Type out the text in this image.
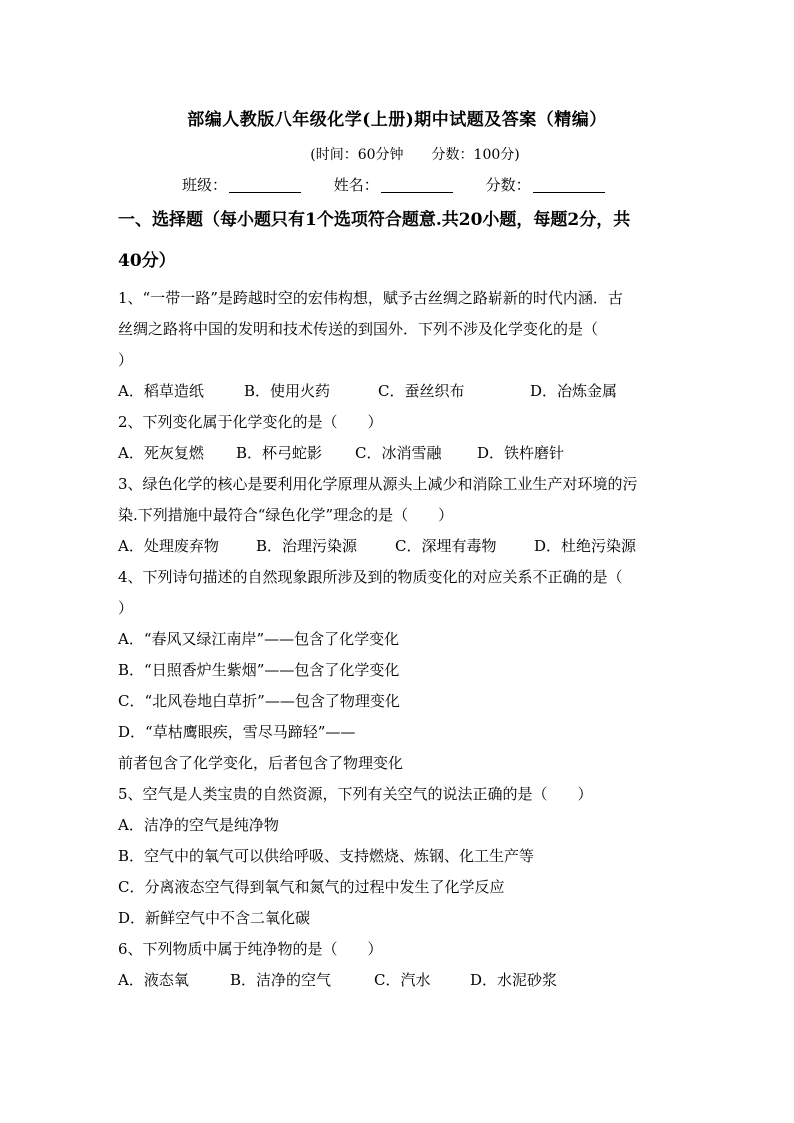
部编人教版八年级化学(上册)期中试题及答案（精编）
(时间：60分钟 分数：100分)
班级：	姓名：	分数：
一、选择题（每小题只有1个选项符合题意.共20小题，每题2分，共
40分）
1、“一带一路”是跨越时空的宏伟构想，赋予古丝绸之路崭新的时代内涵．古
丝绸之路将中国的发明和技术传送的到国外．下列不涉及化学变化的是（
）
A．稻草造纸	B．使用火药	C．蚕丝织布	D．冶炼金属
2、下列变化属于化学变化的是（　　）
A．死灰复燃 B．杯弓蛇影 C．冰消雪融 D．铁杵磨针
3、绿色化学的核心是要利用化学原理从源头上减少和消除工业生产对环境的污
染.下列措施中最符合“绿色化学”理念的是（　　）
A．处理废弃物 B．治理污染源	C．深埋有毒物	D．杜绝污染源
4、下列诗句描述的自然现象跟所涉及到的物质变化的对应关系不正确的是（
）
A．“春风又绿江南岸”——包含了化学变化
B．“日照香炉生紫烟”——包含了化学变化
C．“北风卷地白草折”——包含了物理变化
D．“草枯鹰眼疾，雪尽马蹄轻”——
前者包含了化学变化，后者包含了物理变化
5、空气是人类宝贵的自然资源，下列有关空气的说法正确的是（　　）
A．洁净的空气是纯净物
B．空气中的氧气可以供给呼吸、支持燃烧、炼钢、化工生产等
C．分离液态空气得到氧气和氮气的过程中发生了化学反应
D．新鲜空气中不含二氧化碳
6、下列物质中属于纯净物的是（　　）
A．液态氧	B．洁净的空气	C．汽水	D．水泥砂浆
